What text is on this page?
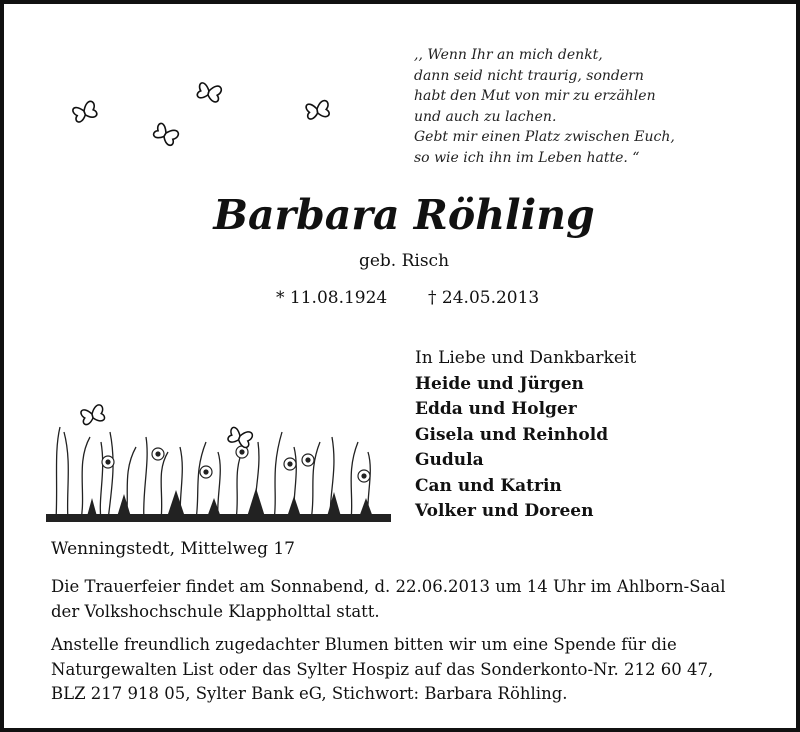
,, Wenn Ihr an mich denkt,
dann seid nicht traurig, sondern
habt den Mut von mir zu erzählen
und auch zu lachen.
Gebt mir einen Platz zwischen Euch,
so wie ich ihn im Leben hatte. “
Barbara Röhling
geb. Risch
* 11.08.1924 † 24.05.2013
In Liebe und Dankbarkeit
Heide und Jürgen
Edda und Holger
Gisela und Reinhold
Gudula
Can und Katrin
Volker und Doreen
Wenningstedt, Mittelweg 17
Die Trauerfeier findet am Sonnabend, d. 22.06.2013 um 14 Uhr im Ahlborn-Saal
der Volkshochschule Klappholttal statt.
Anstelle freundlich zugedachter Blumen bitten wir um eine Spende für die
Naturgewalten List oder das Sylter Hospiz auf das Sonderkonto-Nr. 212 60 47,
BLZ 217 918 05, Sylter Bank eG, Stichwort: Barbara Röhling.
